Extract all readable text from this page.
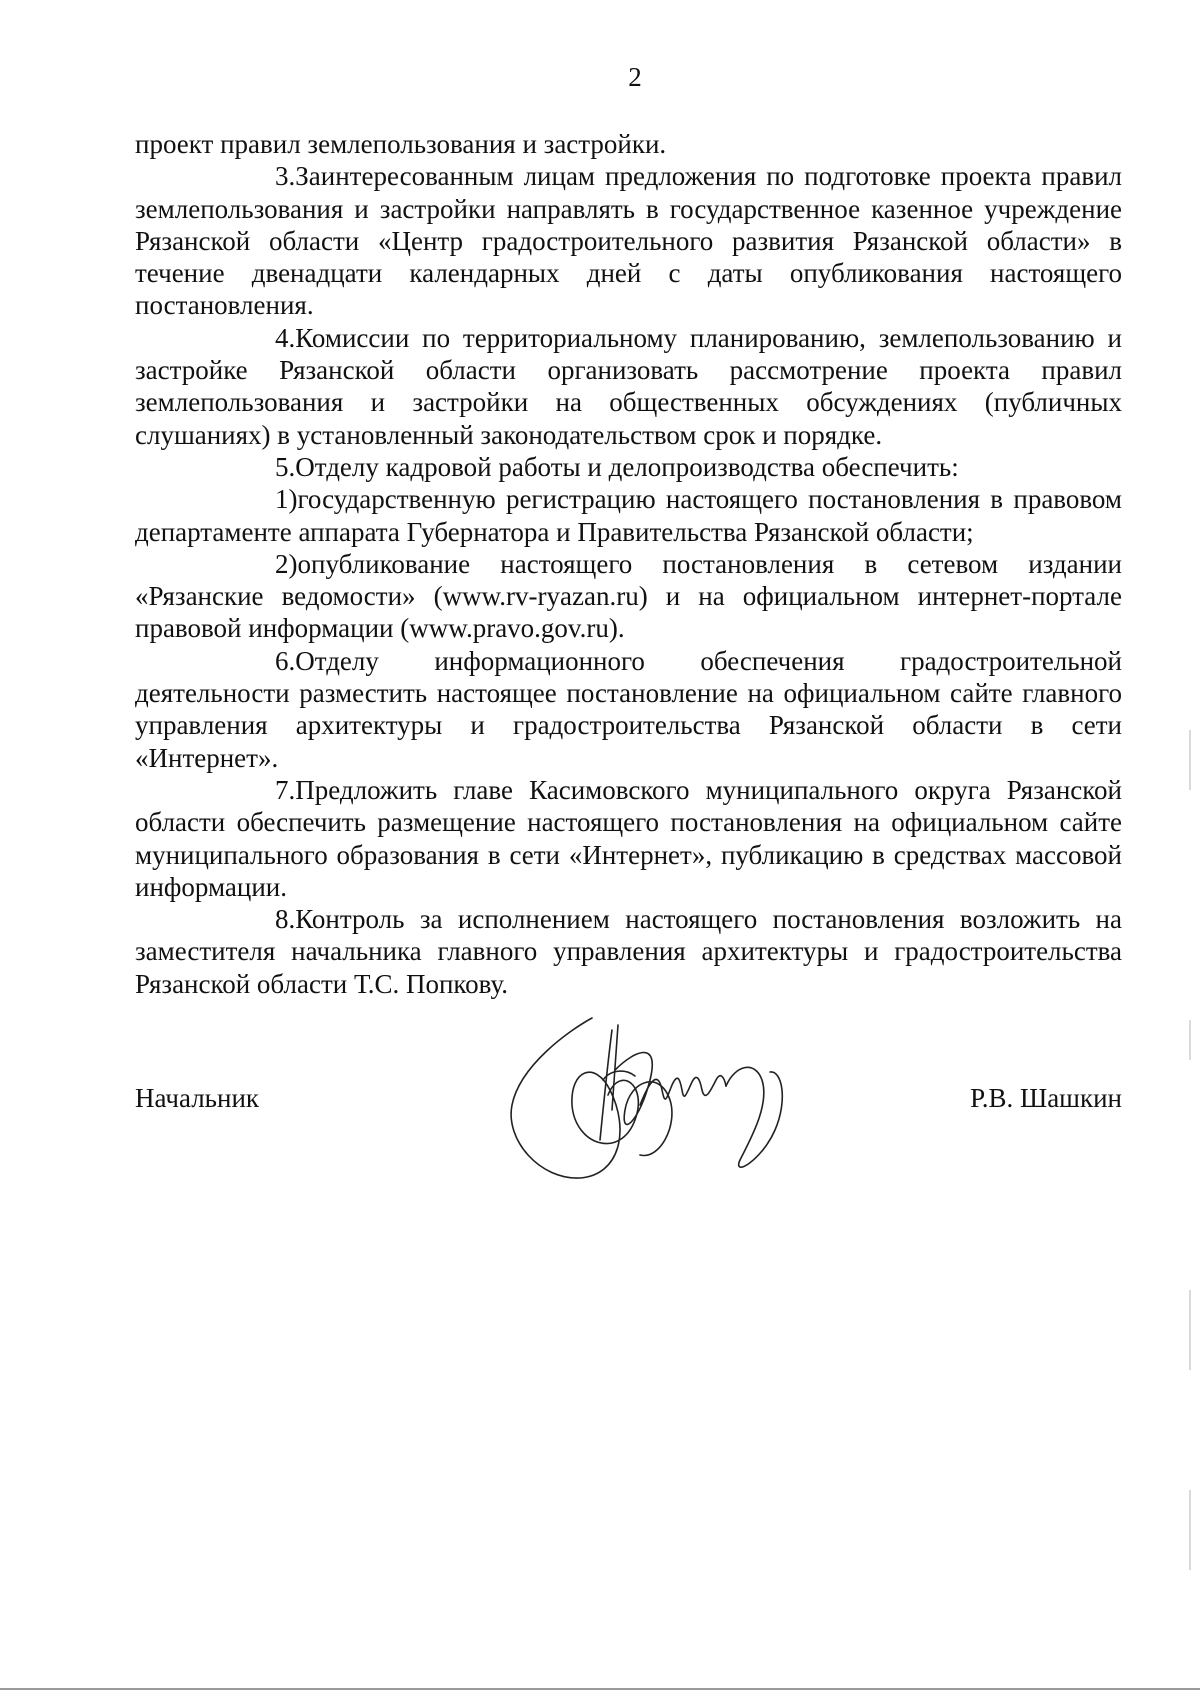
2

проект правил землепользования и застройки.

3.Заинтересованным лицам предложения по подготовке проекта правил землепользования и застройки направлять в государственное казенное учреждение Рязанской области «Центр градостроительного развития Рязанской области» в течение двенадцати календарных дней с даты опубликования настоящего постановления.

4.Комиссии по территориальному планированию, землепользованию и застройке Рязанской области организовать рассмотрение проекта правил землепользования и застройки на общественных обсуждениях (публичных слушаниях) в установленный законодательством срок и порядке.

5.Отделу кадровой работы и делопроизводства обеспечить:

1)государственную регистрацию настоящего постановления в правовом департаменте аппарата Губернатора и Правительства Рязанской области;

2)опубликование настоящего постановления в сетевом издании «Рязанские ведомости» (www.rv-ryazan.ru) и на официальном интернет-портале правовой информации (www.pravo.gov.ru).

6.Отделу информационного обеспечения градостроительной деятельности разместить настоящее постановление на официальном сайте главного управления архитектуры и градостроительства Рязанской области в сети «Интернет».

7.Предложить главе Касимовского муниципального округа Рязанской области обеспечить размещение настоящего постановления на официальном сайте муниципального образования в сети «Интернет», публикацию в средствах массовой информации.

8.Контроль за исполнением настоящего постановления возложить на заместителя начальника главного управления архитектуры и градостроительства Рязанской области Т.С. Попкову.

Начальник	Р.В. Шашкин
